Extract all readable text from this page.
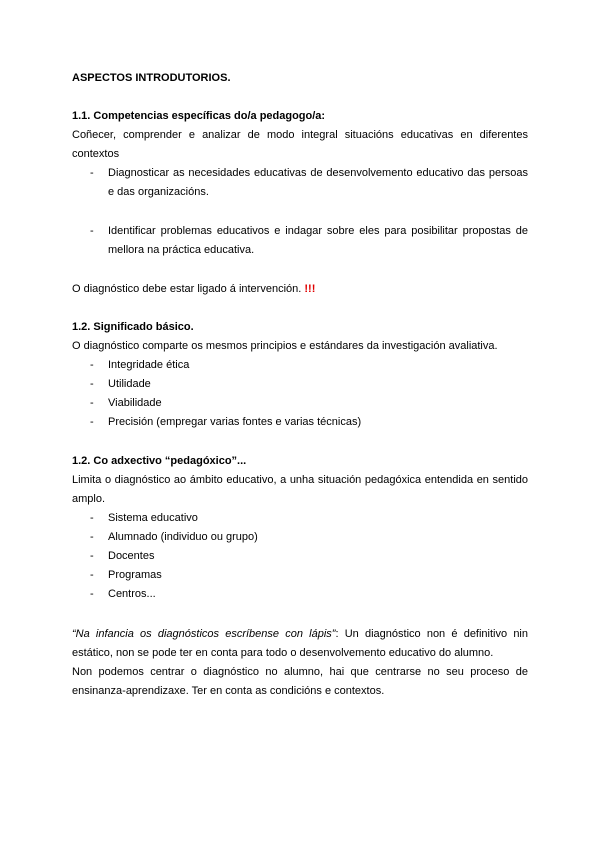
ASPECTOS INTRODUTORIOS.

1.1. Competencias específicas do/a pedagogo/a:

Coñecer, comprender e analizar de modo integral situacións educativas en diferentes contextos

- Diagnosticar as necesidades educativas de desenvolvemento educativo das persoas e das organizacións.
- Identificar problemas educativos e indagar sobre eles para posibilitar propostas de mellora na práctica educativa.

O diagnóstico debe estar ligado á intervención. !!!

1.2. Significado básico.

O diagnóstico comparte os mesmos principios e estándares da investigación avaliativa.

- Integridade ética
- Utilidade
- Viabilidade
- Precisión (empregar varias fontes e varias técnicas)

1.2. Co adxectivo “pedagóxico”...

Limita o diagnóstico ao ámbito educativo, a unha situación pedagóxica entendida en sentido amplo.

- Sistema educativo
- Alumnado (individuo ou grupo)
- Docentes
- Programas
- Centros...

“Na infancia os diagnósticos escríbense con lápis”: Un diagnóstico non é definitivo nin estático, non se pode ter en conta para todo o desenvolvemento educativo do alumno.

Non podemos centrar o diagnóstico no alumno, hai que centrarse no seu proceso de ensinanza-aprendizaxe. Ter en conta as condicións e contextos.
